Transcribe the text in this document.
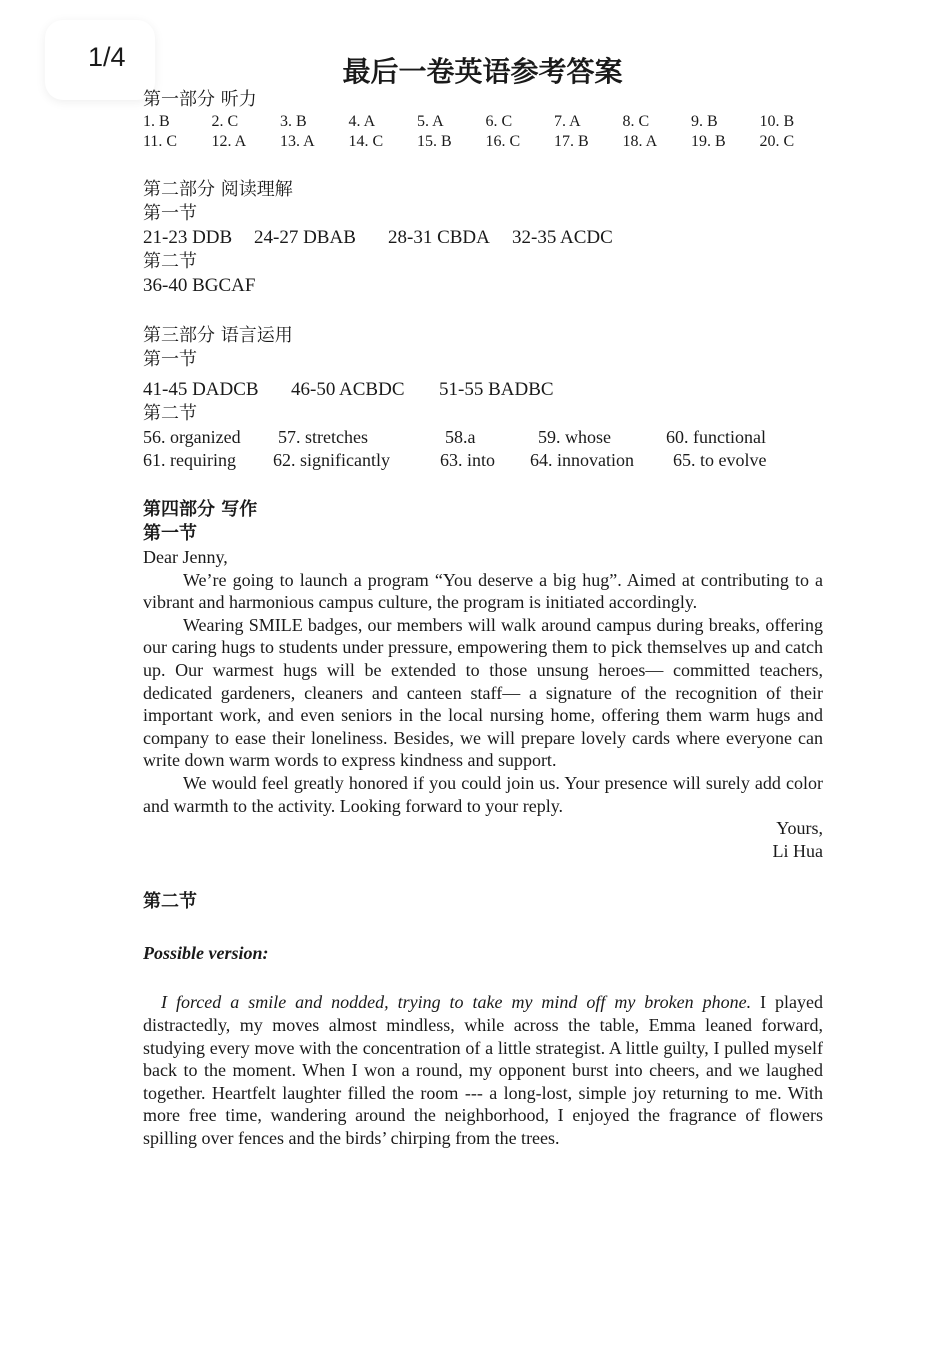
1/4	最后一卷英语参考答案
第一部分 听力
1. B	2. C	3. B	4. A	5. A	6. C	7. A	8. C	9. B	10. B
11. C	12. A	13. A	14. C	15. B	16. C	17. B	18. A	19. B	20. C
第二部分 阅读理解
第一节
21-23 DDB	24-27 DBAB	28-31 CBDA	32-35 ACDC
第二节
36-40 BGCAF
第三部分 语言运用
第一节
41-45 DADCB	46-50 ACBDC	51-55 BADBC
第二节
56. organized	57. stretches	58.a	59. whose	60. functional
61. requiring	62. significantly	63. into	64. innovation	65. to evolve
第四部分 写作
第一节
Dear Jenny,

We’re going to launch a program “You deserve a big hug”. Aimed at contributing to a vibrant and harmonious campus culture, the program is initiated accordingly.

Wearing SMILE badges, our members will walk around campus during breaks, offering our caring hugs to students under pressure, empowering them to pick themselves up and catch up. Our warmest hugs will be extended to those unsung heroes— committed teachers, dedicated gardeners, cleaners and canteen staff— a signature of the recognition of their important work, and even seniors in the local nursing home, offering them warm hugs and company to ease their loneliness. Besides, we will prepare lovely cards where everyone can write down warm words to express kindness and support.

We would feel greatly honored if you could join us. Your presence will surely add color and warmth to the activity. Looking forward to your reply.

Yours,
Li Hua
第二节
Possible version:

I forced a smile and nodded, trying to take my mind off my broken phone. I played distractedly, my moves almost mindless, while across the table, Emma leaned forward, studying every move with the concentration of a little strategist. A little guilty, I pulled myself back to the moment. When I won a round, my opponent burst into cheers, and we laughed together. Heartfelt laughter filled the room --- a long-lost, simple joy returning to me. With more free time, wandering around the neighborhood, I enjoyed the fragrance of flowers spilling over fences and the birds’ chirping from the trees.
